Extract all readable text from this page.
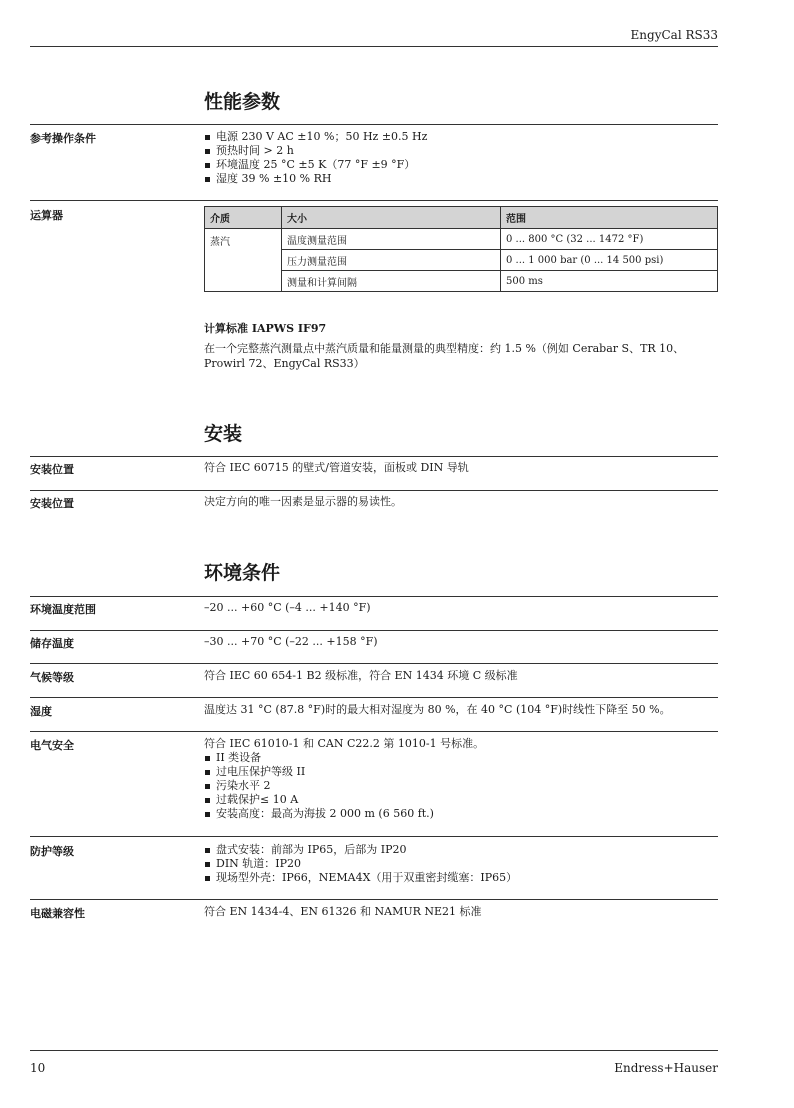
EngyCal RS33
性能参数
参考操作条件	电源 230 V AC ±10 %；50 Hz ±0.5 Hz
预热时间 > 2 h
环境温度 25 °C ±5 K（77 °F ±9 °F）
湿度 39 % ±10 % RH
运算器	介质	大小	范围
蒸汽	温度测量范围	0 ... 800 °C (32 ... 1472 °F)
	压力测量范围	0 ... 1 000 bar (0 ... 14 500 psi)
	测量和计算间隔	500 ms
计算标准 IAPWS IF97
在一个完整蒸汽测量点中蒸汽质量和能量测量的典型精度：约 1.5 %（例如 Cerabar S、TR 10、Prowirl 72、EngyCal RS33）
安装
安装位置	符合 IEC 60715 的壁式/管道安装，面板或 DIN 导轨
安装位置	决定方向的唯一因素是显示器的易读性。
环境条件
环境温度范围	–20 ... +60 °C (–4 ... +140 °F)
储存温度	–30 ... +70 °C (–22 ... +158 °F)
气候等级	符合 IEC 60 654-1 B2 级标准，符合 EN 1434 环境 C 级标准
湿度	温度达 31 °C (87.8 °F)时的最大相对湿度为 80 %，在 40 °C (104 °F)时线性下降至 50 %。
电气安全	符合 IEC 61010-1 和 CAN C22.2 第 1010-1 号标准。
II 类设备
过电压保护等级 II
污染水平 2
过载保护≤ 10 A
安装高度：最高为海拔 2 000 m (6 560 ft.)
防护等级	盘式安装：前部为 IP65，后部为 IP20
DIN 轨道：IP20
现场型外壳：IP66，NEMA4X（用于双重密封缆塞：IP65）
电磁兼容性	符合 EN 1434-4、EN 61326 和 NAMUR NE21 标准
10	Endress+Hauser
